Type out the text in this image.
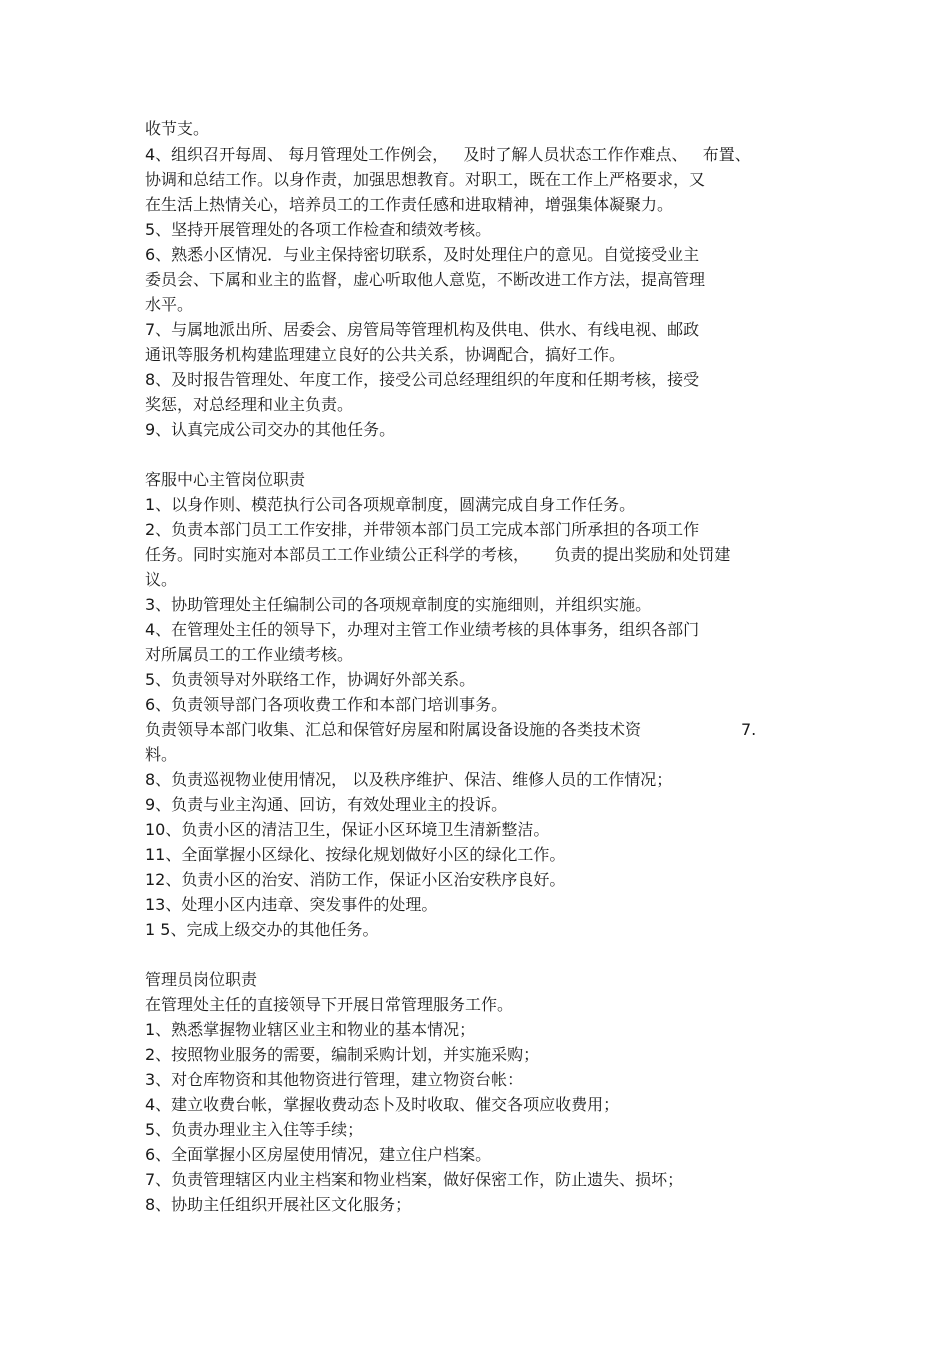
收节支。
4、组织召开每周、 每月管理处工作例会，   及时了解人员状态工作作难点、   布置、
协调和总结工作。以身作责，加强思想教育。对职工，既在工作上严格要求，又
在生活上热情关心，培养员工的工作责任感和进取精神，增强集体凝聚力。
5、坚持开展管理处的各项工作检查和绩效考核。
6、熟悉小区情况．与业主保持密切联系，及时处理住户的意见。自觉接受业主
委员会、下属和业主的监督，虚心听取他人意览，不断改进工作方法，提高管理
水平。
7、与属地派出所、居委会、房管局等管理机构及供电、供水、有线电视、邮政
通讯等服务机构建监理建立良好的公共关系，协调配合，搞好工作。
8、及时报告管理处、年度工作，接受公司总经理组织的年度和任期考核，接受
奖惩，对总经理和业主负责。
9、认真完成公司交办的其他任务。
客服中心主管岗位职责
1、以身作则、模范执行公司各项规章制度，圆满完成自身工作任务。
2、负责本部门员工工作安排，并带领本部门员工完成本部门所承担的各项工作
任务。同时实施对本部员工工作业绩公正科学的考核，     负责的提出奖励和处罚建
议。
3、协助管理处主任编制公司的各项规章制度的实施细则，并组织实施。
4、在管理处主任的领导下，办理对主管工作业绩考核的具体事务，组织各部门
对所属员工的工作业绩考核。
5、负责领导对外联络工作，协调好外部关系。
6、负责领导部门各项收费工作和本部门培训事务。
负责领导本部门收集、汇总和保管好房屋和附属设备设施的各类技术资	7.
料。
8、负责巡视物业使用情况， 以及秩序维护、保洁、维修人员的工作情况；
9、负责与业主沟通、回访，有效处理业主的投诉。
10、负责小区的清洁卫生，保证小区环境卫生清新整洁。
11、全面掌握小区绿化、按绿化规划做好小区的绿化工作。
12、负责小区的治安、消防工作，保证小区治安秩序良好。
13、处理小区内违章、突发事件的处理。
1 5、完成上级交办的其他任务。
管理员岗位职责
在管理处主任的直接领导下开展日常管理服务工作。
1、熟悉掌握物业辖区业主和物业的基本情况；
2、按照物业服务的需要，编制采购计划，并实施采购；
3、对仓库物资和其他物资进行管理，建立物资台帐：
4、建立收费台帐，掌握收费动态卜及时收取、催交各项应收费用；
5、负责办理业主入住等手续；
6、全面掌握小区房屋使用情况，建立住户档案。
7、负责管理辖区内业主档案和物业档案，做好保密工作，防止遗失、损坏；
8、协助主任组织开展社区文化服务；
